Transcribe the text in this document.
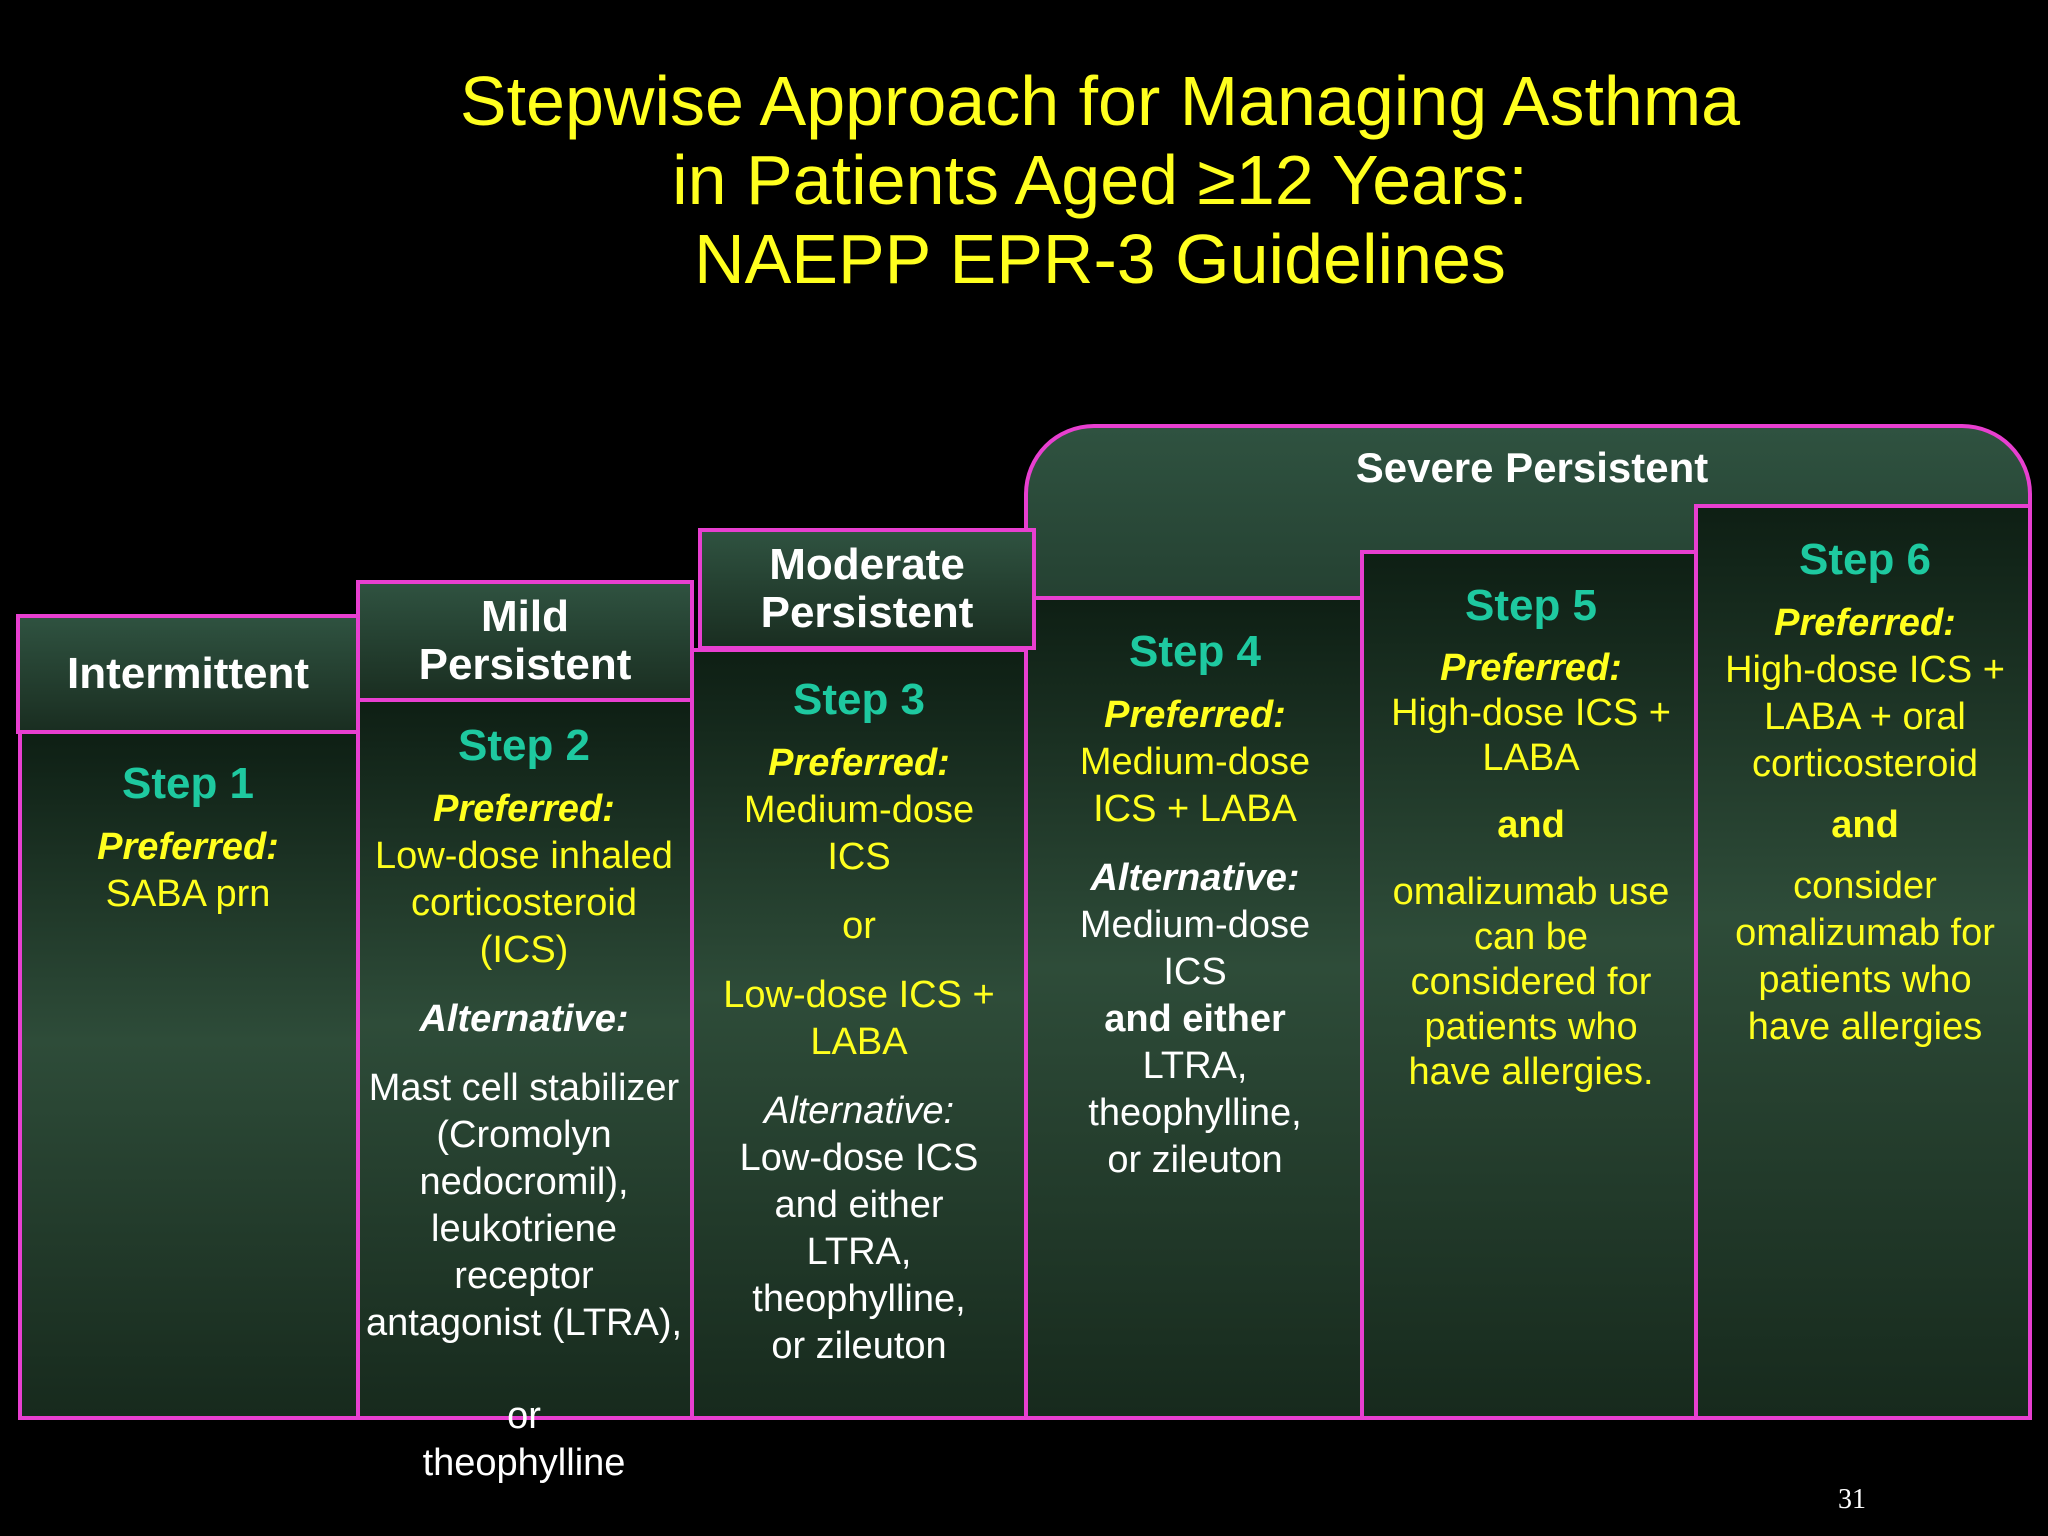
Stepwise Approach for Managing Asthma
in Patients Aged ≥12 Years:
NAEPP EPR-3 Guidelines
Severe Persistent
Intermittent
Mild
Persistent
Moderate
Persistent
Step 1
Preferred:
SABA prn
Step 2
Preferred:
Low-dose inhaled
corticosteroid
(ICS)
Alternative:
Mast cell stabilizer
(Cromolyn
nedocromil),
leukotriene
receptor
antagonist (LTRA),
or
theophylline
Step 3
Preferred:
Medium-dose
ICS
or
Low-dose ICS +
LABA
Alternative:
Low-dose ICS
and either
LTRA,
theophylline,
or zileuton
Step 4
Preferred:
Medium-dose
ICS + LABA
Alternative:
Medium-dose
ICS
and either
LTRA,
theophylline,
or zileuton
Step 5
Preferred:
High-dose ICS +
LABA
and
omalizumab use
can be
considered for
patients who
have allergies.
Step 6
Preferred:
High-dose ICS +
LABA + oral
corticosteroid
and
consider
omalizumab for
patients who
have allergies
31
